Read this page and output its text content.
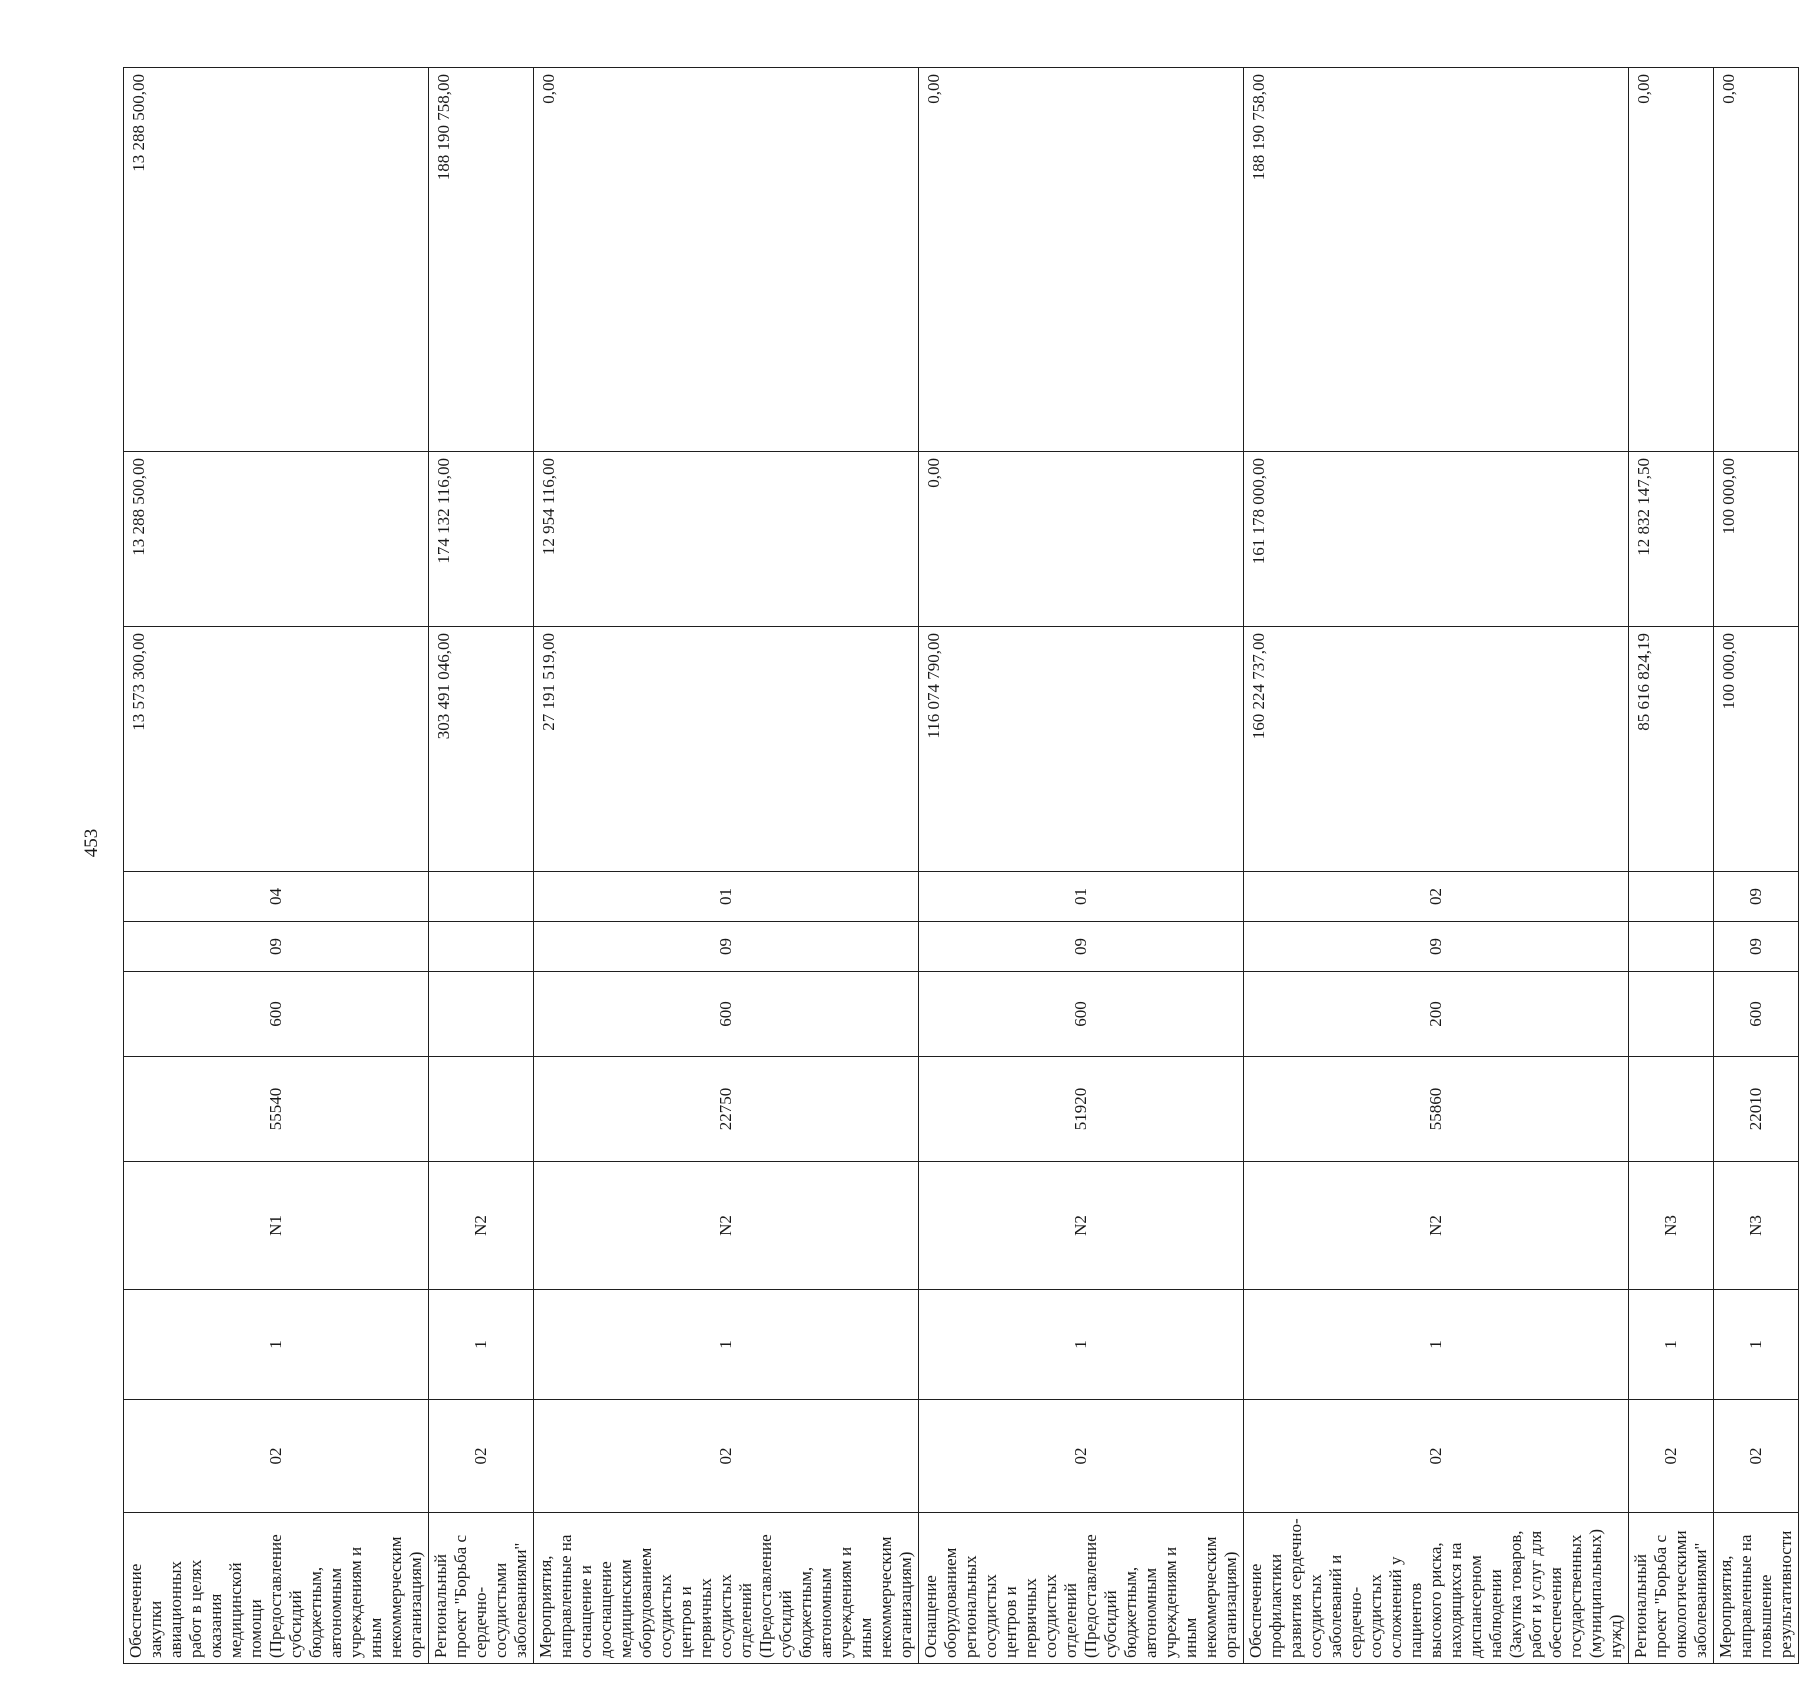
453
Обеспечение закупки авиационных работ в целях оказания медицинской помощи (Предоставление субсидий бюджетным, автономным учреждениям и иным некоммерческим организациям)	02	1	N1	55540	600	09	04	13 573 300,00	13 288 500,00	13 288 500,00
Региональный проект "Борьба с сердечно-сосудистыми заболеваниями"	02	1	N2					303 491 046,00	174 132 116,00	188 190 758,00
Мероприятия, направленные на оснащение и дооснащение медицинским оборудованием сосудистых центров и первичных сосудистых отделений (Предоставление субсидий бюджетным, автономным учреждениям и иным некоммерческим организациям)	02	1	N2	22750	600	09	01	27 191 519,00	12 954 116,00	0,00
Оснащение оборудованием региональных сосудистых центров и первичных сосудистых отделений (Предоставление субсидий бюджетным, автономным учреждениям и иным некоммерческим организациям)	02	1	N2	51920	600	09	01	116 074 790,00	0,00	0,00
Обеспечение профилактики развития сердечно-сосудистых заболеваний и сердечно-сосудистых осложнений у пациентов высокого риска, находящихся на диспансерном наблюдении (Закупка товаров, работ и услуг для обеспечения государственных (муниципальных) нужд)	02	1	N2	55860	200	09	02	160 224 737,00	161 178 000,00	188 190 758,00
Региональный проект "Борьба с онкологическими заболеваниями"	02	1	N3					85 616 824,19	12 832 147,50	0,00
Мероприятия, направленные на повышение результативности	02	1	N3	22010	600	09	09	100 000,00	100 000,00	0,00
